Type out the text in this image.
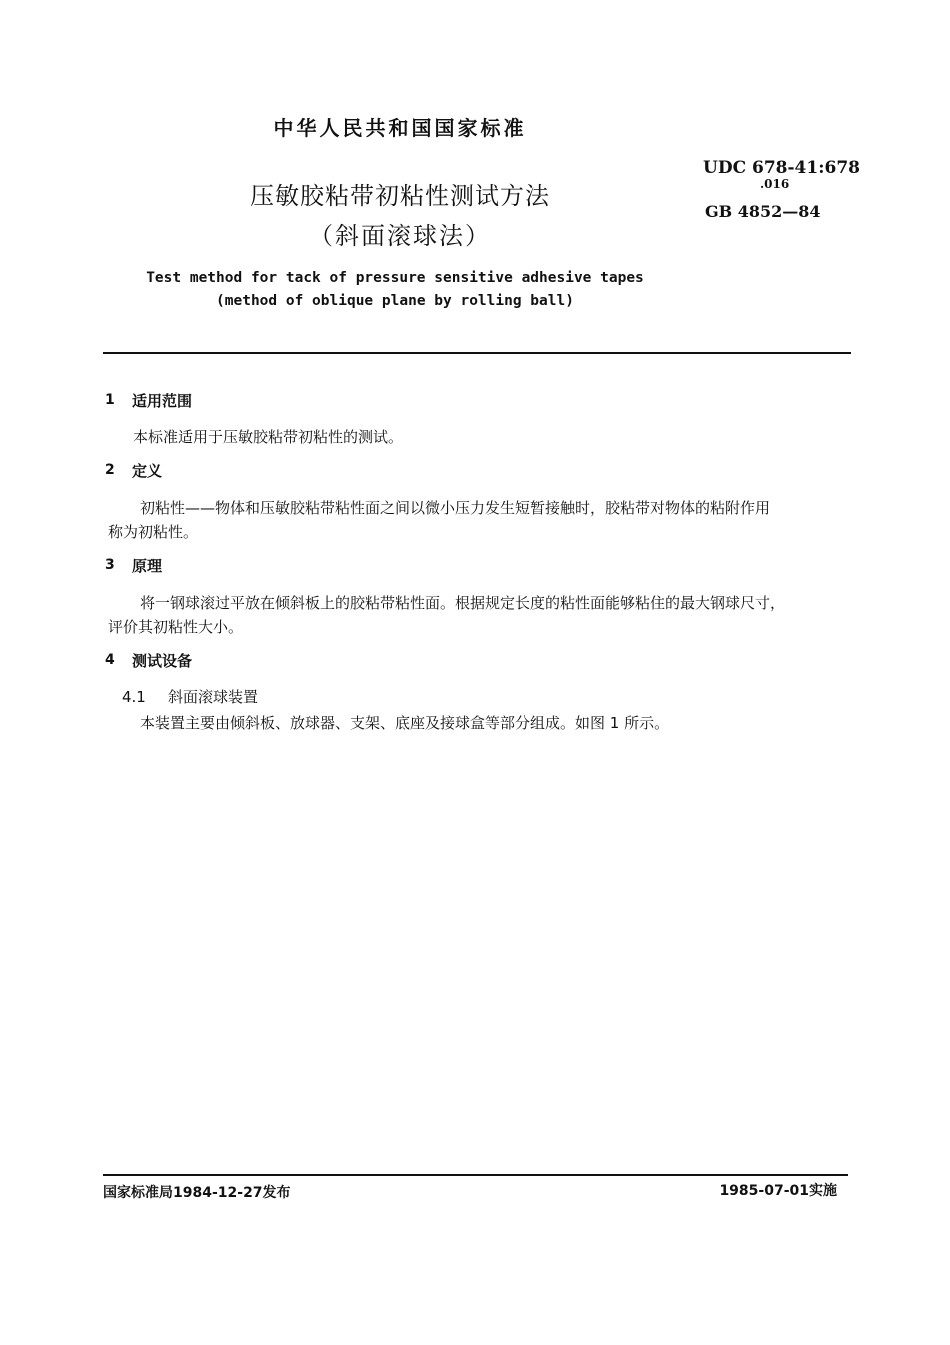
中华人民共和国国家标准
压敏胶粘带初粘性测试方法
（斜面滚球法）
UDC 678-41:678
.016
GB 4852—84
Test method for tack of pressure sensitive adhesive tapes
(method of oblique plane by rolling ball)
1 适用范围
本标准适用于压敏胶粘带初粘性的测试。
2 定义
初粘性——物体和压敏胶粘带粘性面之间以微小压力发生短暂接触时，胶粘带对物体的粘附作用
称为初粘性。
3 原理
将一钢球滚过平放在倾斜板上的胶粘带粘性面。根据规定长度的粘性面能够粘住的最大钢球尺寸，
评价其初粘性大小。
4 测试设备
4.1 斜面滚球装置
本装置主要由倾斜板、放球器、支架、底座及接球盒等部分组成。如图 1 所示。
国家标准局1984-12-27发布	1985-07-01实施
